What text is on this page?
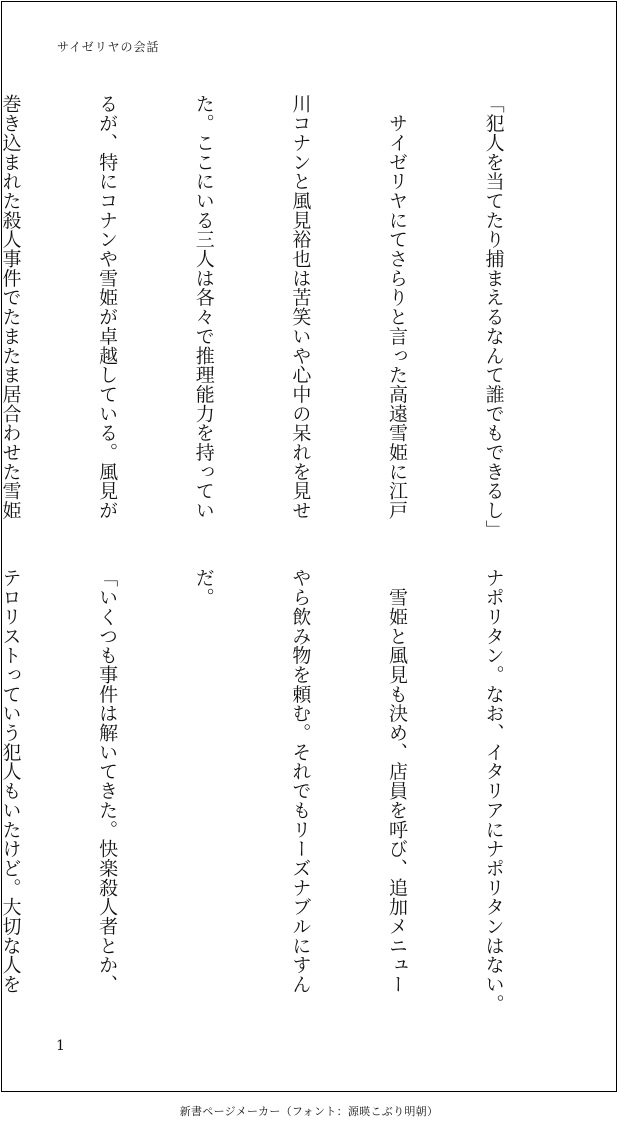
サイゼリヤの会話

「犯人を当てたり捕まえるなんて誰でもできるし」

　サイゼリヤにてさらりと言った高遠雪姫に江戸

川コナンと風見裕也は苦笑いや心中の呆れを見せ

た。ここにいる三人は各々で推理能力を持ってい

るが、特にコナンや雪姫が卓越している。風見が

巻き込まれた殺人事件でたまたま居合わせた雪姫

ナポリタン。なお、イタリアにナポリタンはない。

　雪姫と風見も決め、店員を呼び、追加メニュー

やら飲み物を頼む。それでもリーズナブルにすん

だ。

「いくつも事件は解いてきた。快楽殺人者とか、

テロリストっていう犯人もいたけど。大切な人を

1
新書ページメーカー（フォント：源暎こぶり明朝）
